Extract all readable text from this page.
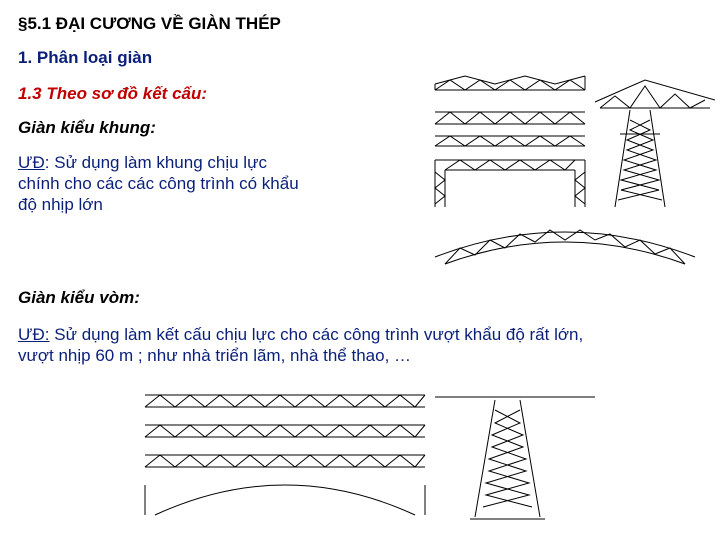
§5.1 ĐẠI CƯƠNG VỀ GIÀN THÉP
1. Phân loại giàn
1.3 Theo sơ đồ kết cấu:
Giàn kiểu khung:
ƯĐ: Sử dụng làm khung chịu lực
chính cho các các công trình có khẩu
độ nhịp lớn
Giàn kiểu vòm:
ƯĐ: Sử dụng làm kết cấu chịu lực cho các công trình vượt khẩu độ rất lớn,
vượt nhịp 60 m ; như nhà triển lãm, nhà thể thao, …
